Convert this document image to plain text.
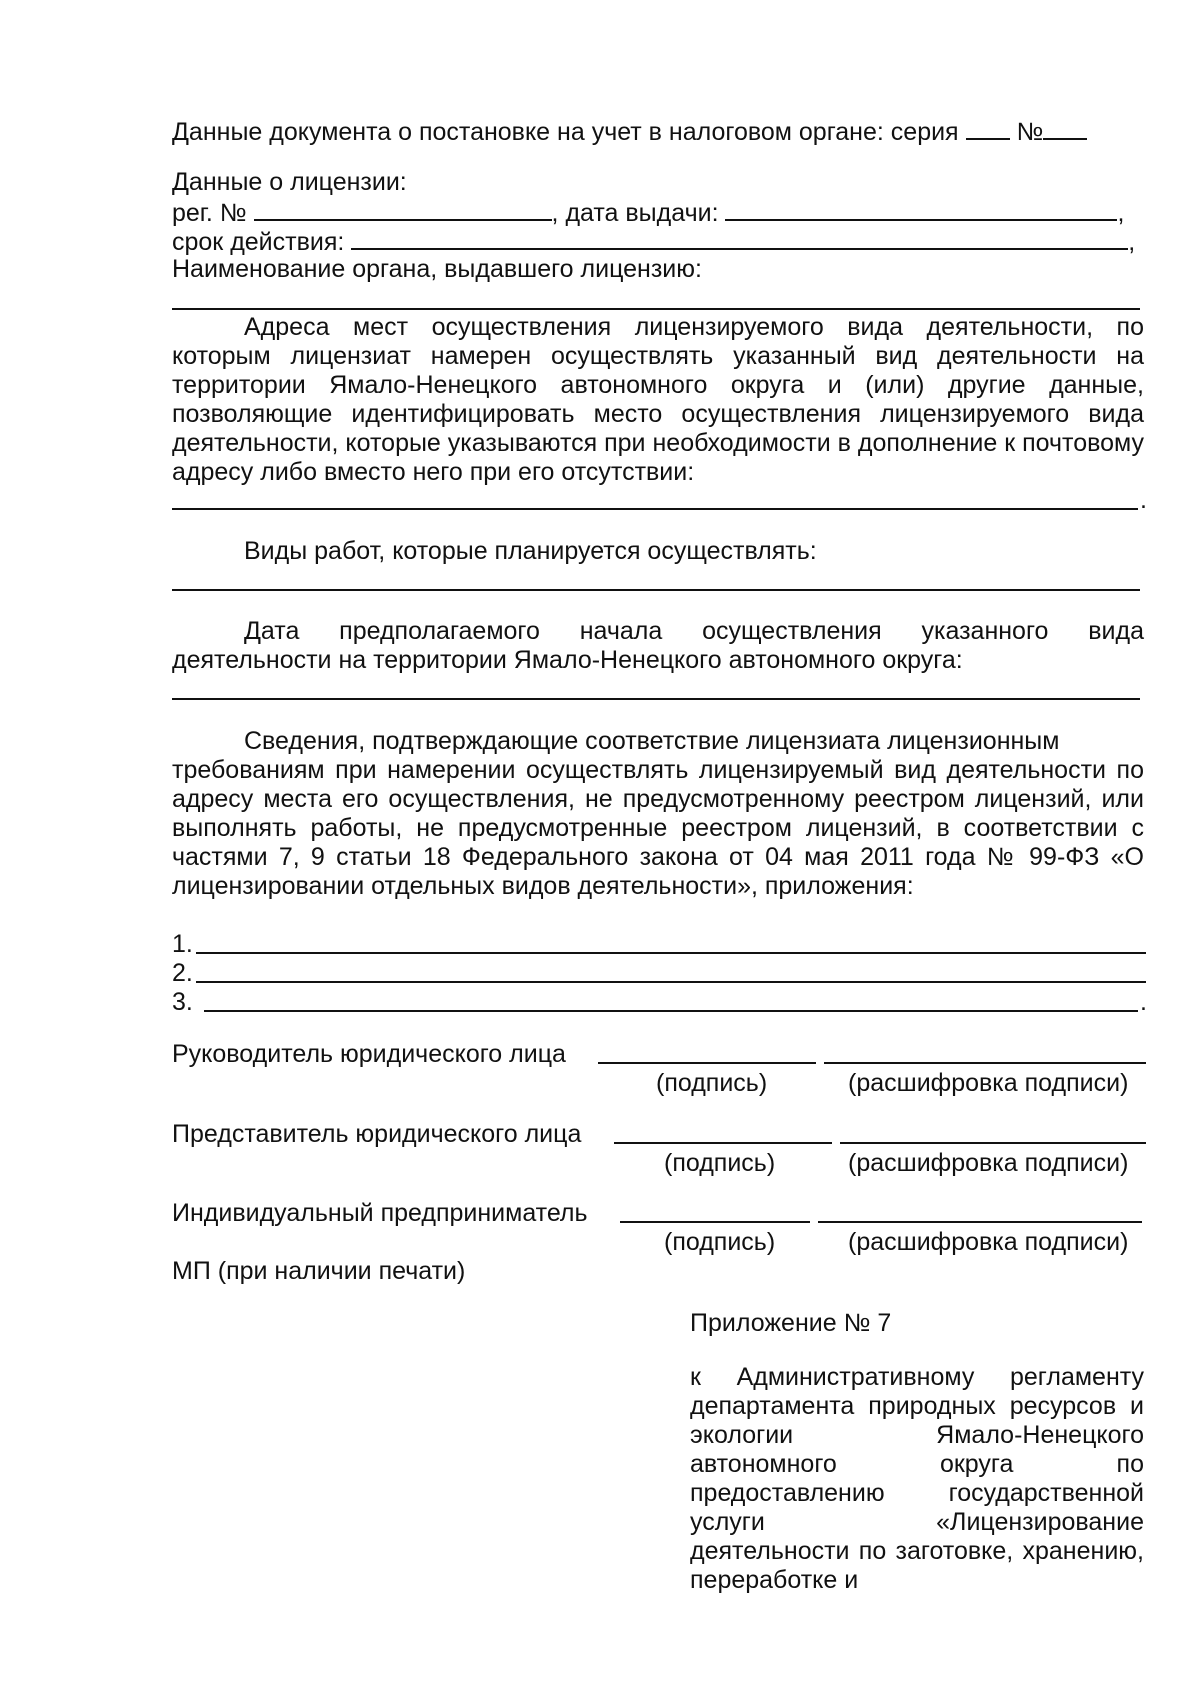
Данные документа о постановке на учет в налоговом органе: серия №
Данные о лицензии:
рег. №	, дата выдачи:	,
срок действия:	,
Наименование органа, выдавшего лицензию:
Адреса мест осуществления лицензируемого вида деятельности, по которым лицензиат намерен осуществлять указанный вид деятельности на территории Ямало-Ненецкого автономного округа и (или) другие данные, позволяющие идентифицировать место осуществления лицензируемого вида деятельности, которые указываются при необходимости в дополнение к почтовому адресу либо вместо него при его отсутствии:
.
Виды работ, которые планируется осуществлять:
Дата предполагаемого начала осуществления указанного вида
деятельности на территории Ямало-Ненецкого автономного округа:
Сведения, подтверждающие соответствие лицензиата лицензионным
требованиям при намерении осуществлять лицензируемый вид деятельности по адресу места его осуществления, не предусмотренному реестром лицензий, или выполнять работы, не предусмотренные реестром лицензий, в соответствии с частями 7, 9 статьи 18 Федерального закона от 04 мая 2011 года № 99-ФЗ «О лицензировании отдельных видов деятельности», приложения:
1.
2.
3.	.
Руководитель юридического лица
(подпись)	(расшифровка подписи)
Представитель юридического лица
(подпись)	(расшифровка подписи)
Индивидуальный предприниматель
(подпись)	(расшифровка подписи)
МП (при наличии печати)
Приложение № 7
к Административному регламенту департамента природных ресурсов и экологии Ямало-Ненецкого автономного округа по предоставлению государственной услуги «Лицензирование деятельности по заготовке, хранению, переработке и
